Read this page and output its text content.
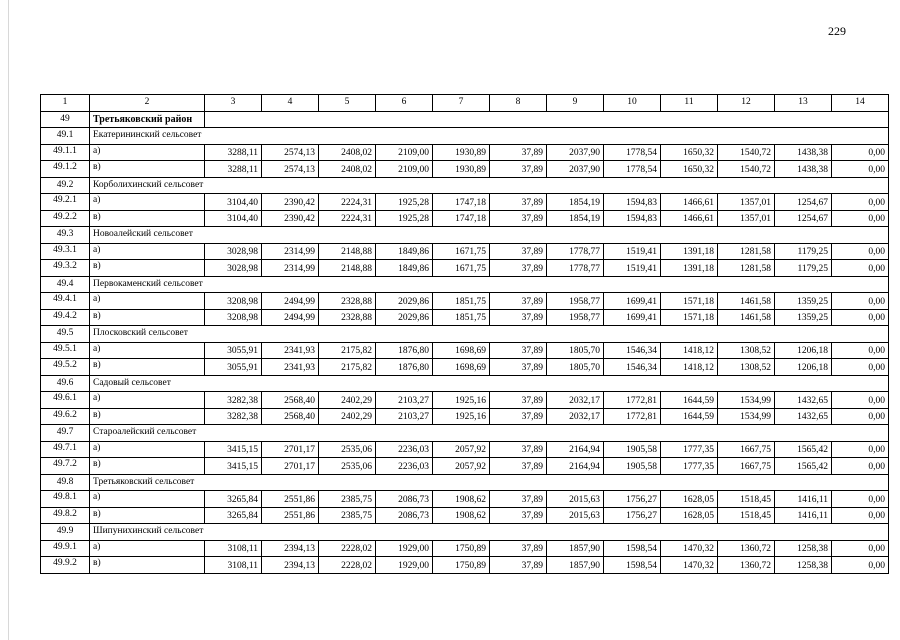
229
1	2	3	4	5	6	7	8	9	10	11	12	13	14
49	Третьяковский район												
49.1	Екатерининский сельсовет												
49.1.1	а)	3288,11	2574,13	2408,02	2109,00	1930,89	37,89	2037,90	1778,54	1650,32	1540,72	1438,38	0,00
49.1.2	в)	3288,11	2574,13	2408,02	2109,00	1930,89	37,89	2037,90	1778,54	1650,32	1540,72	1438,38	0,00
49.2	Корболихинский сельсовет												
49.2.1	а)	3104,40	2390,42	2224,31	1925,28	1747,18	37,89	1854,19	1594,83	1466,61	1357,01	1254,67	0,00
49.2.2	в)	3104,40	2390,42	2224,31	1925,28	1747,18	37,89	1854,19	1594,83	1466,61	1357,01	1254,67	0,00
49.3	Новоалейский сельсовет												
49.3.1	а)	3028,98	2314,99	2148,88	1849,86	1671,75	37,89	1778,77	1519,41	1391,18	1281,58	1179,25	0,00
49.3.2	в)	3028,98	2314,99	2148,88	1849,86	1671,75	37,89	1778,77	1519,41	1391,18	1281,58	1179,25	0,00
49.4	Первокаменский сельсовет												
49.4.1	а)	3208,98	2494,99	2328,88	2029,86	1851,75	37,89	1958,77	1699,41	1571,18	1461,58	1359,25	0,00
49.4.2	в)	3208,98	2494,99	2328,88	2029,86	1851,75	37,89	1958,77	1699,41	1571,18	1461,58	1359,25	0,00
49.5	Плосковский сельсовет												
49.5.1	а)	3055,91	2341,93	2175,82	1876,80	1698,69	37,89	1805,70	1546,34	1418,12	1308,52	1206,18	0,00
49.5.2	в)	3055,91	2341,93	2175,82	1876,80	1698,69	37,89	1805,70	1546,34	1418,12	1308,52	1206,18	0,00
49.6	Садовый сельсовет												
49.6.1	а)	3282,38	2568,40	2402,29	2103,27	1925,16	37,89	2032,17	1772,81	1644,59	1534,99	1432,65	0,00
49.6.2	в)	3282,38	2568,40	2402,29	2103,27	1925,16	37,89	2032,17	1772,81	1644,59	1534,99	1432,65	0,00
49.7	Староалейский сельсовет												
49.7.1	а)	3415,15	2701,17	2535,06	2236,03	2057,92	37,89	2164,94	1905,58	1777,35	1667,75	1565,42	0,00
49.7.2	в)	3415,15	2701,17	2535,06	2236,03	2057,92	37,89	2164,94	1905,58	1777,35	1667,75	1565,42	0,00
49.8	Третьяковский сельсовет												
49.8.1	а)	3265,84	2551,86	2385,75	2086,73	1908,62	37,89	2015,63	1756,27	1628,05	1518,45	1416,11	0,00
49.8.2	в)	3265,84	2551,86	2385,75	2086,73	1908,62	37,89	2015,63	1756,27	1628,05	1518,45	1416,11	0,00
49.9	Шипунихинский сельсовет												
49.9.1	а)	3108,11	2394,13	2228,02	1929,00	1750,89	37,89	1857,90	1598,54	1470,32	1360,72	1258,38	0,00
49.9.2	в)	3108,11	2394,13	2228,02	1929,00	1750,89	37,89	1857,90	1598,54	1470,32	1360,72	1258,38	0,00
